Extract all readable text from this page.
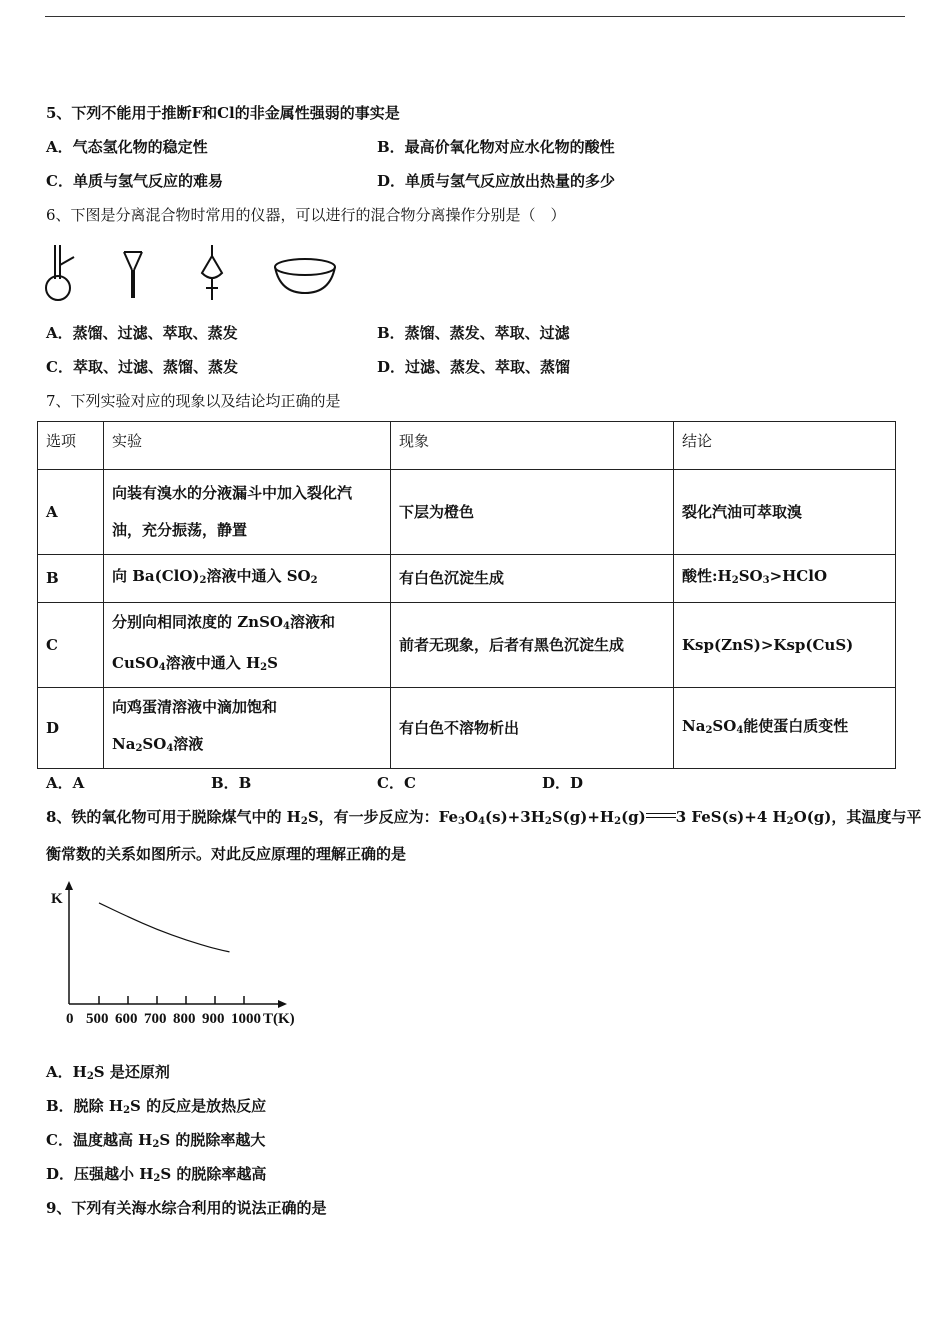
5、下列不能用于推断F和Cl的非金属性强弱的事实是
A．气态氢化物的稳定性	B．最高价氧化物对应水化物的酸性
C．单质与氢气反应的难易	D．单质与氢气反应放出热量的多少
6、下图是分离混合物时常用的仪器，可以进行的混合物分离操作分别是（　）
A．蒸馏、过滤、萃取、蒸发	B．蒸馏、蒸发、萃取、过滤
C．萃取、过滤、蒸馏、蒸发	D．过滤、蒸发、萃取、蒸馏
7、下列实验对应的现象以及结论均正确的是
选项	实验	现象	结论
A	向装有溴水的分液漏斗中加入裂化汽
油，充分振荡，静置	下层为橙色	裂化汽油可萃取溴
B	向 $Ba(ClO)_2$溶液中通入 $SO_2$	有白色沉淀生成	酸性$:H_2SO_3>HClO$
C	分别向相同浓度的 ZnSO$_4$溶液和
CuSO$_4$溶液中通入 $H_2S$	前者无现象，后者有黑色沉淀生成	Ksp(ZnS)>Ksp(CuS)
D	向鸡蛋清溶液中滴加饱和
$Na_2SO_4$溶液	有白色不溶物析出	$Na_2SO_4$能使蛋白质变性
A．A	B．B	C．C	D．D
8、铁的氧化物可用于脱除煤气中的 $H_2S$，有一步反应为：$Fe_3O_4(s)+3H_2S(g)+H_2(g)$ 3 FeS(s)+4 $H_2O(g)$，其温度与平
衡常数的关系如图所示。对此反应原理的理解正确的是
K
0 500 600 700 800 900 1000 T(K)
A．$H_2S$ 是还原剂
B．脱除 $H_2S$ 的反应是放热反应
C．温度越高 $H_2S$ 的脱除率越大
D．压强越小 $H_2S$ 的脱除率越高
9、下列有关海水综合利用的说法正确的是
